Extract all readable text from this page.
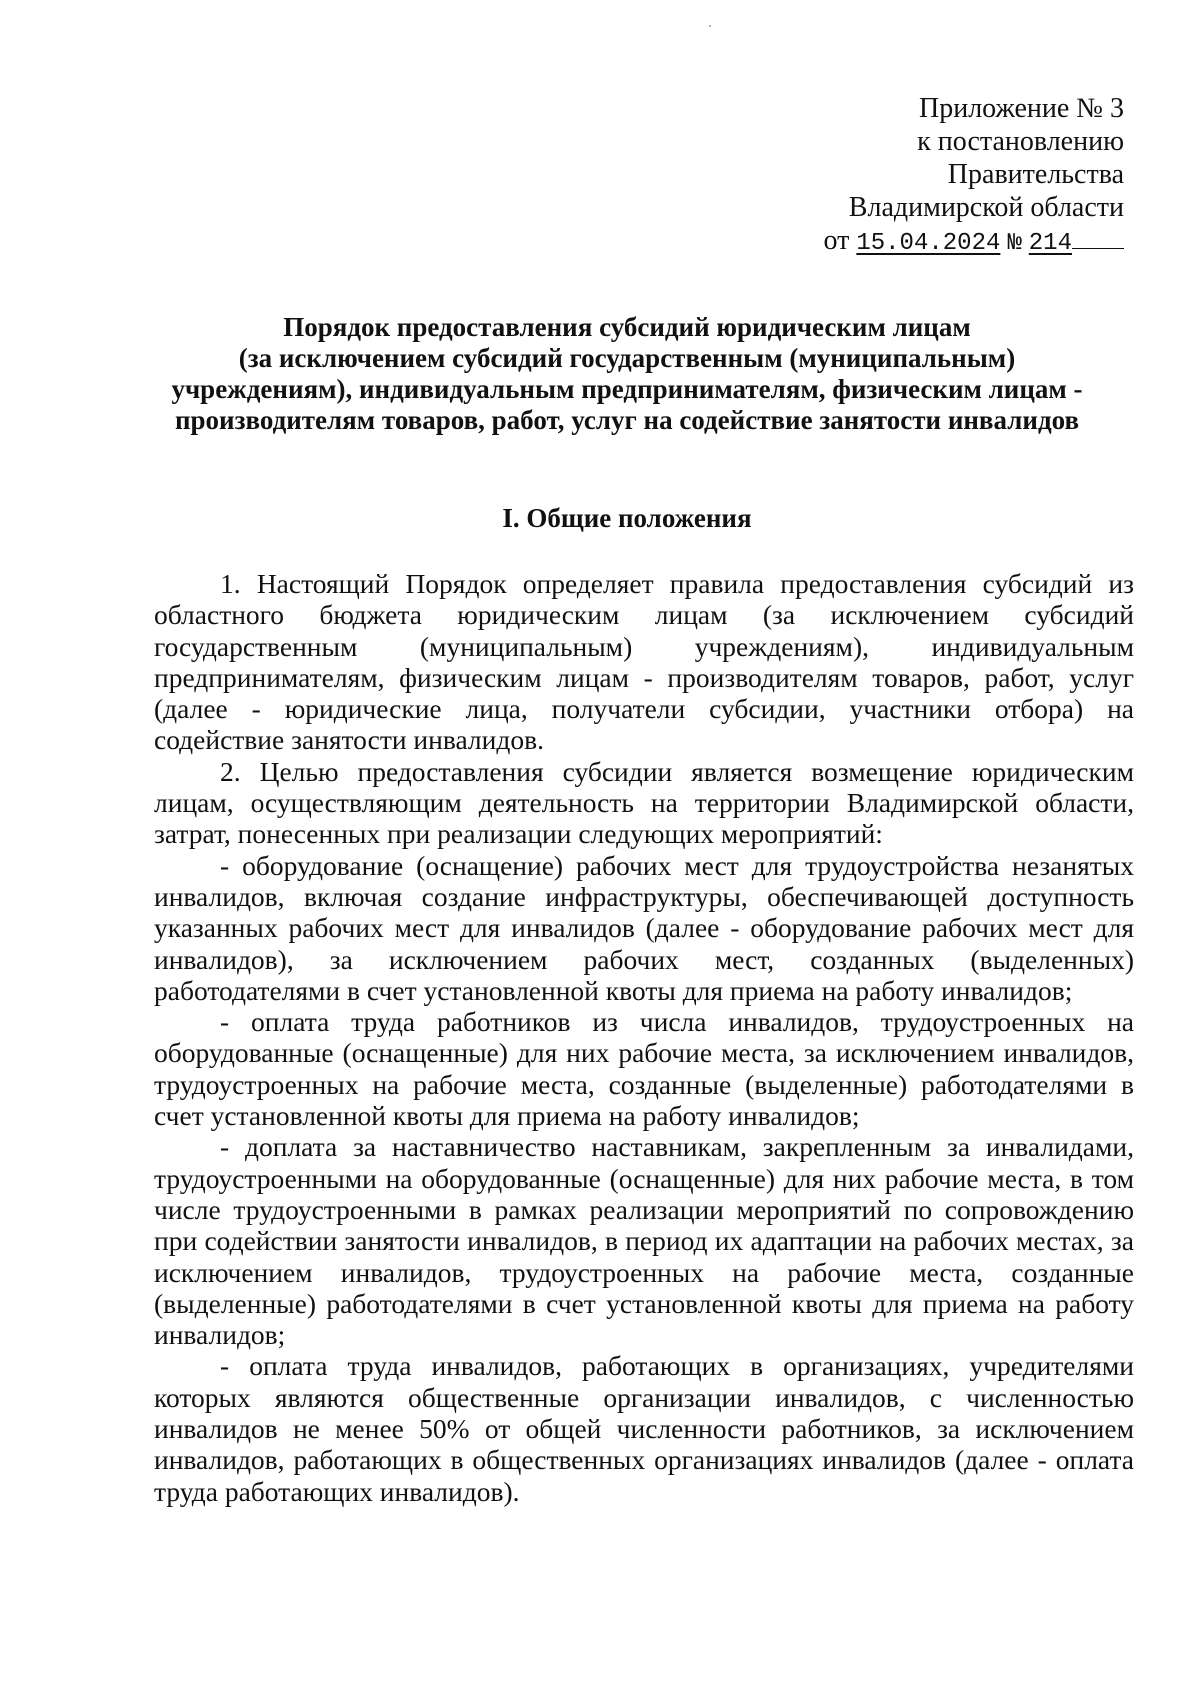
Приложение № 3
к постановлению
Правительства
Владимирской области
от 15.04.2024 № 214
Порядок предоставления субсидий юридическим лицам
(за исключением субсидий государственным (муниципальным)
учреждениям), индивидуальным предпринимателям, физическим лицам -
производителям товаров, работ, услуг на содействие занятости инвалидов
I. Общие положения

1. Настоящий Порядок определяет правила предоставления субсидий из областного бюджета юридическим лицам (за исключением субсидий государственным (муниципальным) учреждениям), индивидуальным предпринимателям, физическим лицам - производителям товаров, работ, услуг (далее - юридические лица, получатели субсидии, участники отбора) на содействие занятости инвалидов.

2. Целью предоставления субсидии является возмещение юридическим лицам, осуществляющим деятельность на территории Владимирской области, затрат, понесенных при реализации следующих мероприятий:

- оборудование (оснащение) рабочих мест для трудоустройства незанятых инвалидов, включая создание инфраструктуры, обеспечивающей доступность указанных рабочих мест для инвалидов (далее - оборудование рабочих мест для инвалидов), за исключением рабочих мест, созданных (выделенных) работодателями в счет установленной квоты для приема на работу инвалидов;

- оплата труда работников из числа инвалидов, трудоустроенных на оборудованные (оснащенные) для них рабочие места, за исключением инвалидов, трудоустроенных на рабочие места, созданные (выделенные) работодателями в счет установленной квоты для приема на работу инвалидов;

- доплата за наставничество наставникам, закрепленным за инвалидами, трудоустроенными на оборудованные (оснащенные) для них рабочие места, в том числе трудоустроенными в рамках реализации мероприятий по сопровождению при содействии занятости инвалидов, в период их адаптации на рабочих местах, за исключением инвалидов, трудоустроенных на рабочие места, созданные (выделенные) работодателями в счет установленной квоты для приема на работу инвалидов;

- оплата труда инвалидов, работающих в организациях, учредителями которых являются общественные организации инвалидов, с численностью инвалидов не менее 50% от общей численности работников, за исключением инвалидов, работающих в общественных организациях инвалидов (далее - оплата труда работающих инвалидов).
